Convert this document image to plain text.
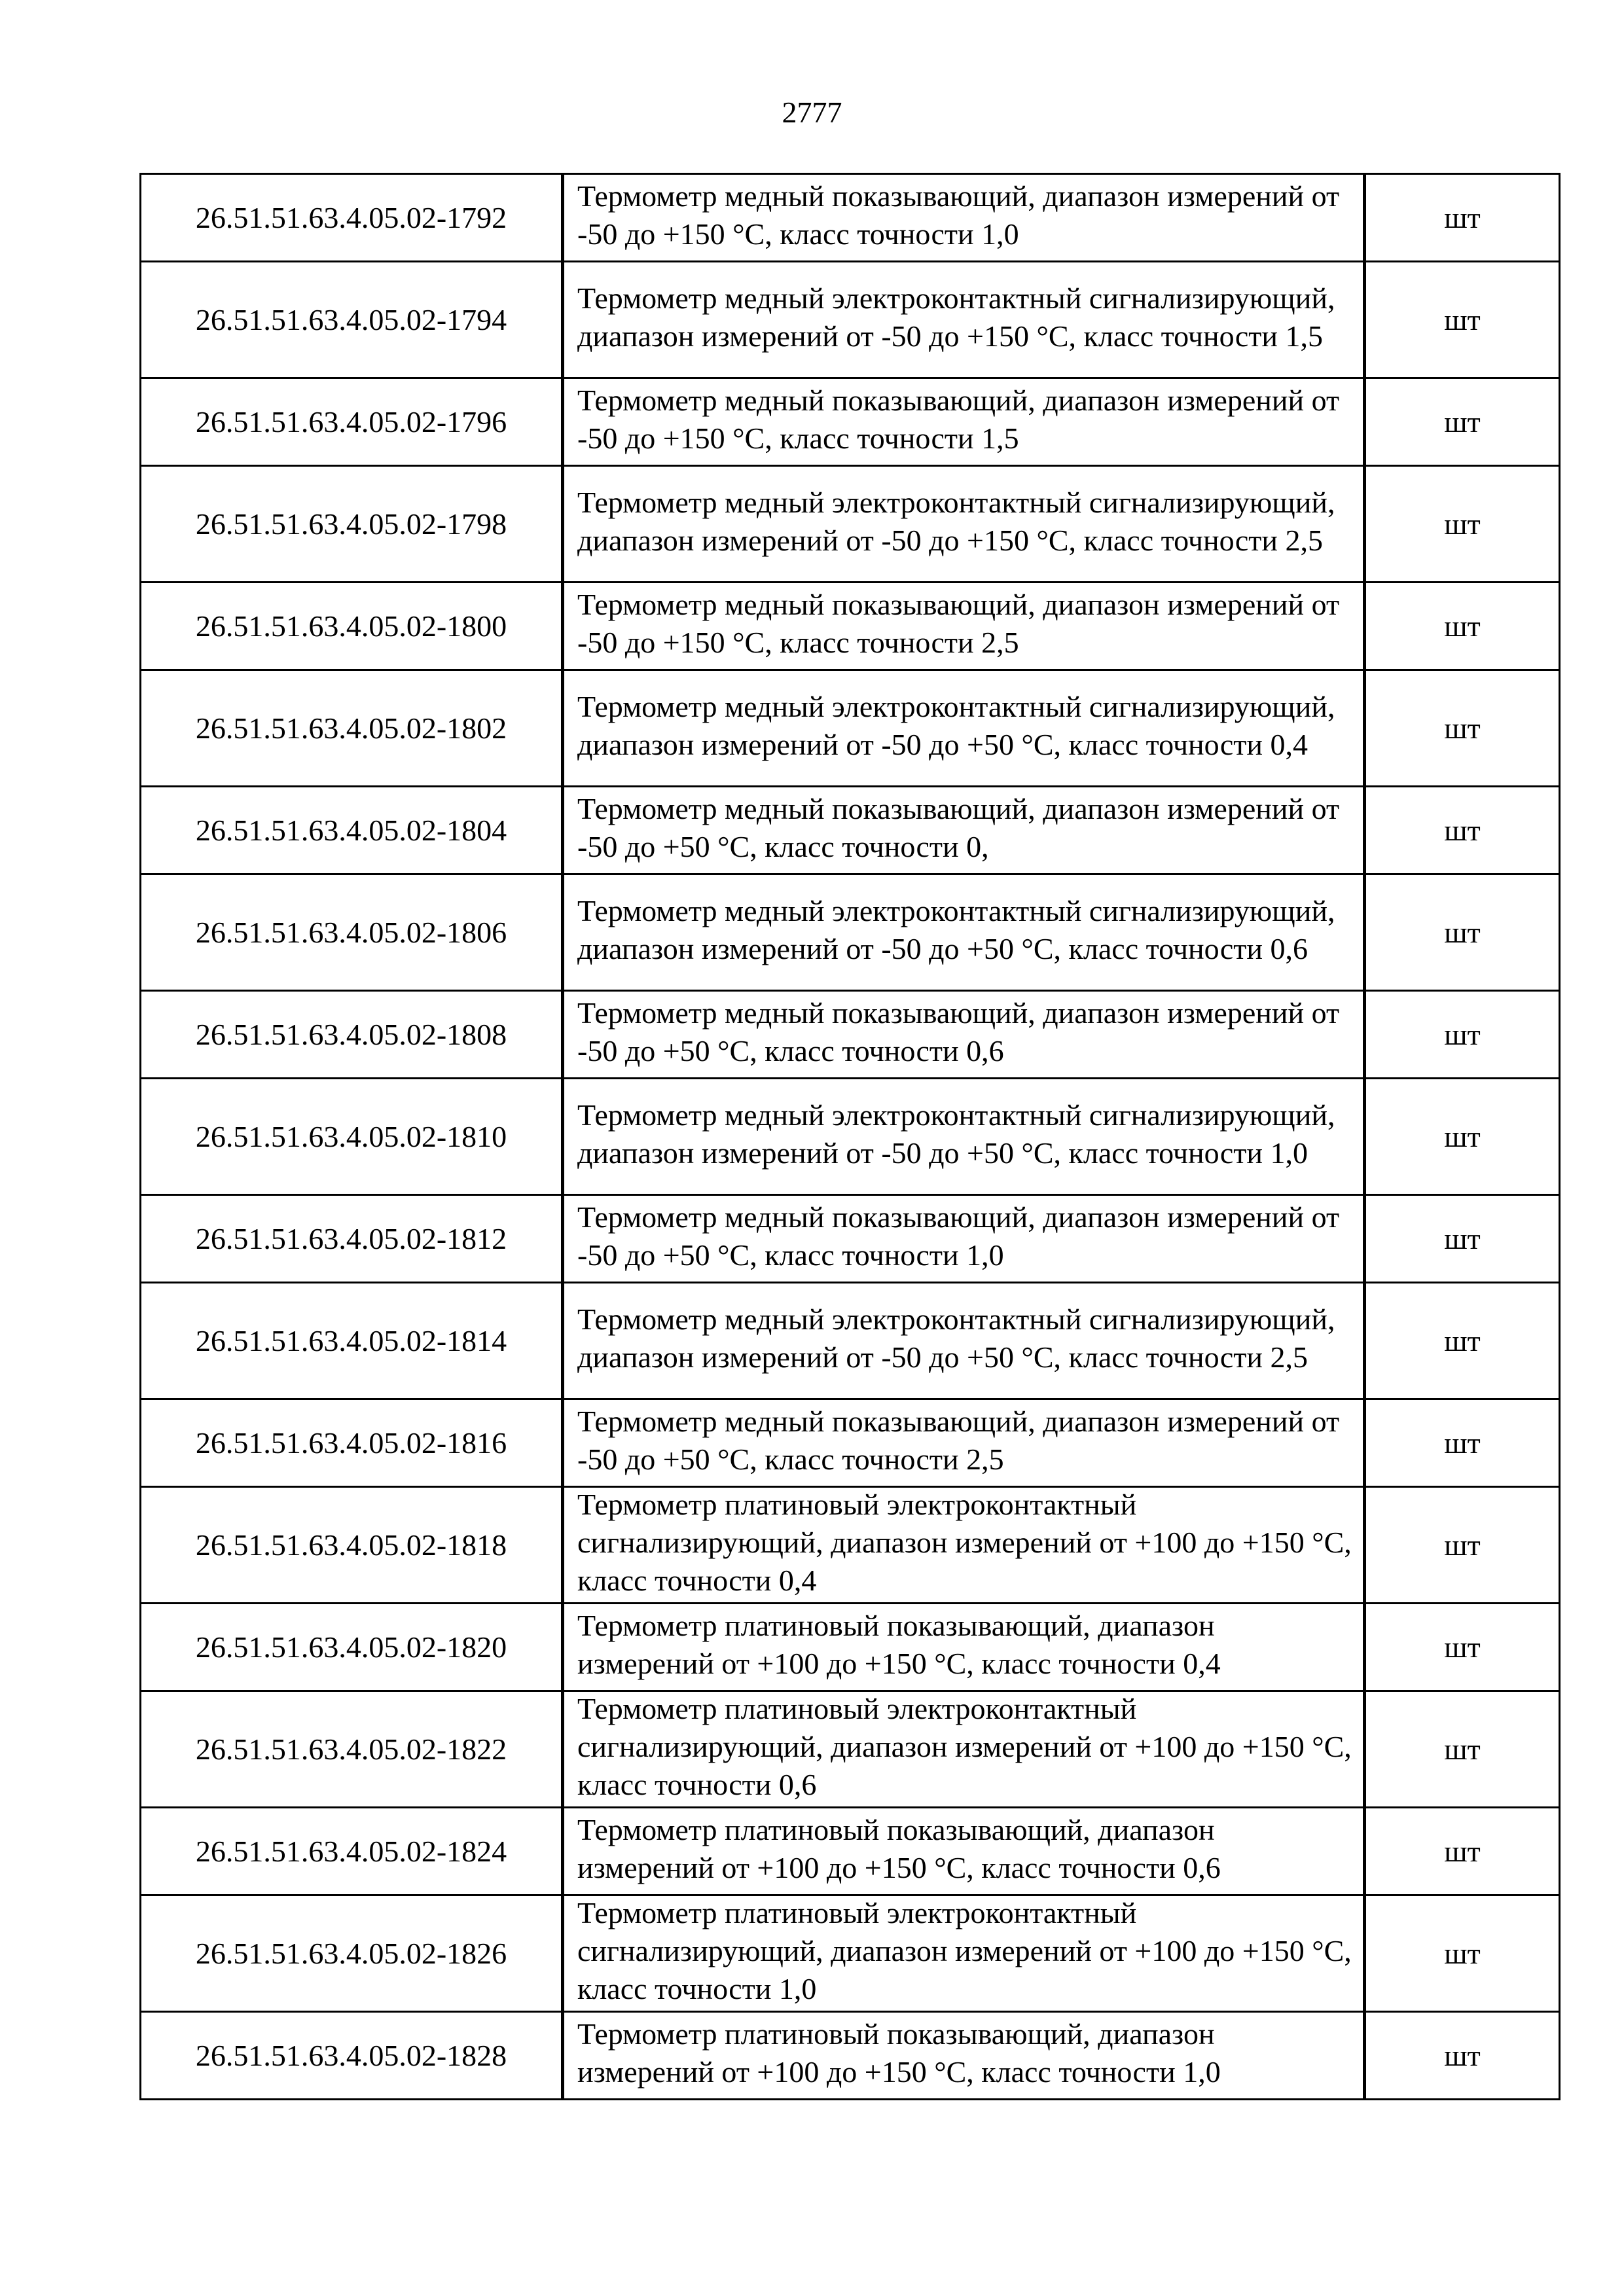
2777
26.51.51.63.4.05.02-1792	Термометр медный показывающий, диапазон измерений от -50 до +150 °С, класс точности 1,0	шт
26.51.51.63.4.05.02-1794	Термометр медный электроконтактный сигнализирующий, диапазон измерений от -50 до +150 °С, класс точности 1,5	шт
26.51.51.63.4.05.02-1796	Термометр медный показывающий, диапазон измерений от -50 до +150 °С, класс точности 1,5	шт
26.51.51.63.4.05.02-1798	Термометр медный электроконтактный сигнализирующий, диапазон измерений от -50 до +150 °С, класс точности 2,5	шт
26.51.51.63.4.05.02-1800	Термометр медный показывающий, диапазон измерений от -50 до +150 °С, класс точности 2,5	шт
26.51.51.63.4.05.02-1802	Термометр медный электроконтактный сигнализирующий, диапазон измерений от -50 до +50 °С, класс точности 0,4	шт
26.51.51.63.4.05.02-1804	Термометр медный показывающий, диапазон измерений от -50 до +50 °С, класс точности 0,	шт
26.51.51.63.4.05.02-1806	Термометр медный электроконтактный сигнализирующий, диапазон измерений от -50 до +50 °С, класс точности 0,6	шт
26.51.51.63.4.05.02-1808	Термометр медный показывающий, диапазон измерений от -50 до +50 °С, класс точности 0,6	шт
26.51.51.63.4.05.02-1810	Термометр медный электроконтактный сигнализирующий, диапазон измерений от -50 до +50 °С, класс точности 1,0	шт
26.51.51.63.4.05.02-1812	Термометр медный показывающий, диапазон измерений от -50 до +50 °С, класс точности 1,0	шт
26.51.51.63.4.05.02-1814	Термометр медный электроконтактный сигнализирующий, диапазон измерений от -50 до +50 °С, класс точности 2,5	шт
26.51.51.63.4.05.02-1816	Термометр медный показывающий, диапазон измерений от -50 до +50 °С, класс точности 2,5	шт
26.51.51.63.4.05.02-1818	Термометр платиновый электроконтактный сигнализирующий, диапазон измерений от +100 до +150 °С, класс точности 0,4	шт
26.51.51.63.4.05.02-1820	Термометр платиновый показывающий, диапазон измерений от +100 до +150 °С, класс точности 0,4	шт
26.51.51.63.4.05.02-1822	Термометр платиновый электроконтактный сигнализирующий, диапазон измерений от +100 до +150 °С, класс точности 0,6	шт
26.51.51.63.4.05.02-1824	Термометр платиновый показывающий, диапазон измерений от +100 до +150 °С, класс точности 0,6	шт
26.51.51.63.4.05.02-1826	Термометр платиновый электроконтактный сигнализирующий, диапазон измерений от +100 до +150 °С, класс точности 1,0	шт
26.51.51.63.4.05.02-1828	Термометр платиновый показывающий, диапазон измерений от +100 до +150 °С, класс точности 1,0	шт
